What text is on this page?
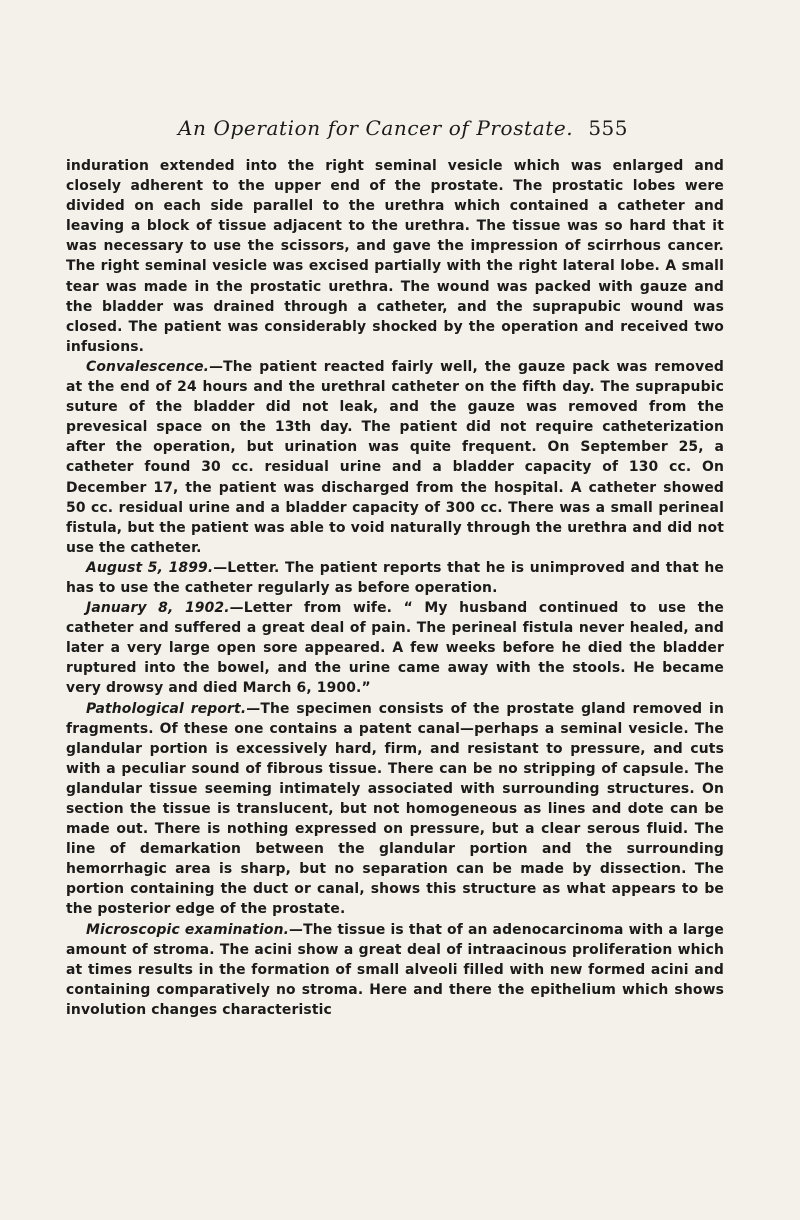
An Operation for Cancer of Prostate. 555

induration extended into the right seminal vesicle which was enlarged and closely adherent to the upper end of the prostate. The prostatic lobes were divided on each side parallel to the urethra which contained a catheter and leaving a block of tissue adjacent to the urethra. The tissue was so hard that it was necessary to use the scissors, and gave the impression of scirrhous cancer. The right seminal vesicle was excised partially with the right lateral lobe. A small tear was made in the prostatic urethra. The wound was packed with gauze and the bladder was drained through a catheter, and the suprapubic wound was closed. The patient was considerably shocked by the operation and received two infusions.

Convalescence.—The patient reacted fairly well, the gauze pack was removed at the end of 24 hours and the urethral catheter on the fifth day. The suprapubic suture of the bladder did not leak, and the gauze was removed from the prevesical space on the 13th day. The patient did not require catheterization after the operation, but urination was quite frequent. On September 25, a catheter found 30 cc. residual urine and a bladder capacity of 130 cc. On December 17, the patient was discharged from the hospital. A catheter showed 50 cc. residual urine and a bladder capacity of 300 cc. There was a small perineal fistula, but the patient was able to void naturally through the urethra and did not use the catheter.

August 5, 1899.—Letter. The patient reports that he is unimproved and that he has to use the catheter regularly as before operation.

January 8, 1902.—Letter from wife. “ My husband continued to use the catheter and suffered a great deal of pain. The perineal fistula never healed, and later a very large open sore appeared. A few weeks before he died the bladder ruptured into the bowel, and the urine came away with the stools. He became very drowsy and died March 6, 1900.”

Pathological report.—The specimen consists of the prostate gland removed in fragments. Of these one contains a patent canal—perhaps a seminal vesicle. The glandular portion is excessively hard, firm, and resistant to pressure, and cuts with a peculiar sound of fibrous tissue. There can be no stripping of capsule. The glandular tissue seeming intimately associated with surrounding structures. On section the tissue is translucent, but not homogeneous as lines and dote can be made out. There is nothing expressed on pressure, but a clear serous fluid. The line of demarkation between the glandular portion and the surrounding hemorrhagic area is sharp, but no separation can be made by dissection. The portion containing the duct or canal, shows this structure as what appears to be the posterior edge of the prostate.

Microscopic examination.—The tissue is that of an adenocarcinoma with a large amount of stroma. The acini show a great deal of intraacinous proliferation which at times results in the formation of small alveoli filled with new formed acini and containing comparatively no stroma. Here and there the epithelium which shows involution changes characteristic
